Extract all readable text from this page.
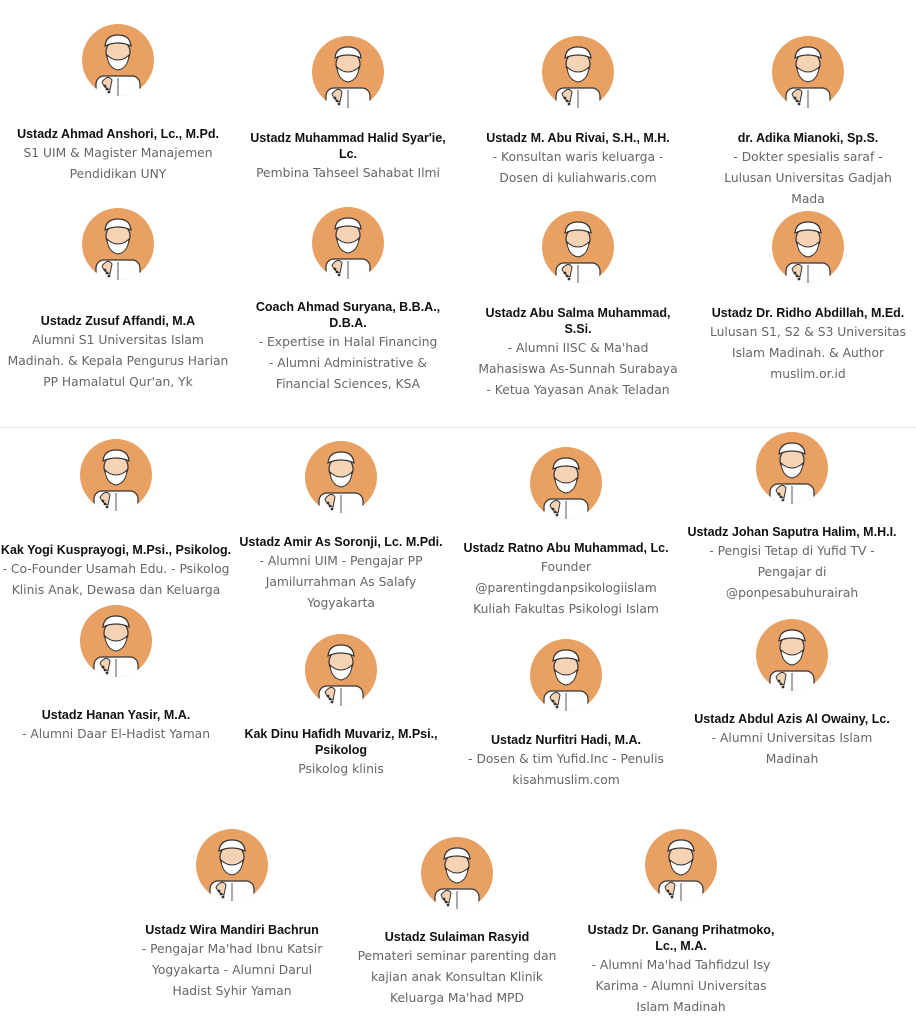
Ustadz Ahmad Anshori, Lc., M.Pd.
S1 UIM & Magister Manajemen Pendidikan UNY
Ustadz Muhammad Halid Syar'ie, Lc.
Pembina Tahseel Sahabat Ilmi
Ustadz M. Abu Rivai, S.H., M.H.
- Konsultan waris keluarga - Dosen di kuliahwaris.com
dr. Adika Mianoki, Sp.S.
- Dokter spesialis saraf - Lulusan Universitas Gadjah Mada
Ustadz Zusuf Affandi, M.A
Alumni S1 Universitas Islam Madinah. & Kepala Pengurus Harian PP Hamalatul Qur'an, Yk
Coach Ahmad Suryana, B.B.A., D.B.A.
- Expertise in Halal Financing - Alumni Administrative & Financial Sciences, KSA
Ustadz Abu Salma Muhammad, S.Si.
- Alumni IISC & Ma'had Mahasiswa As-Sunnah Surabaya - Ketua Yayasan Anak Teladan
Ustadz Dr. Ridho Abdillah, M.Ed.
Lulusan S1, S2 & S3 Universitas Islam Madinah. & Author muslim.or.id
Kak Yogi Kusprayogi, M.Psi., Psikolog.
- Co-Founder Usamah Edu. - Psikolog Klinis Anak, Dewasa dan Keluarga
Ustadz Amir As Soronji, Lc. M.Pdi.
- Alumni UIM - Pengajar PP Jamilurrahman As Salafy Yogyakarta
Ustadz Ratno Abu Muhammad, Lc.
Founder @parentingdanpsikologiislam Kuliah Fakultas Psikologi Islam
Ustadz Johan Saputra Halim, M.H.I.
- Pengisi Tetap di Yufid TV - Pengajar di @ponpesabuhurairah
Ustadz Hanan Yasir, M.A.
- Alumni Daar El-Hadist Yaman	Kak Dinu Hafidh Muvariz, M.Psi., Psikolog
Psikolog klinis
Ustadz Nurfitri Hadi, M.A.
- Dosen & tim Yufid.Inc - Penulis kisahmuslim.com
Ustadz Abdul Azis Al Owainy, Lc.
- Alumni Universitas Islam Madinah
Ustadz Wira Mandiri Bachrun
- Pengajar Ma'had Ibnu Katsir Yogyakarta - Alumni Darul Hadist Syhir Yaman
Ustadz Sulaiman Rasyid
Pemateri seminar parenting dan kajian anak Konsultan Klinik Keluarga Ma'had MPD
Ustadz Dr. Ganang Prihatmoko, Lc., M.A.
- Alumni Ma'had Tahfidzul Isy Karima - Alumni Universitas Islam Madinah
